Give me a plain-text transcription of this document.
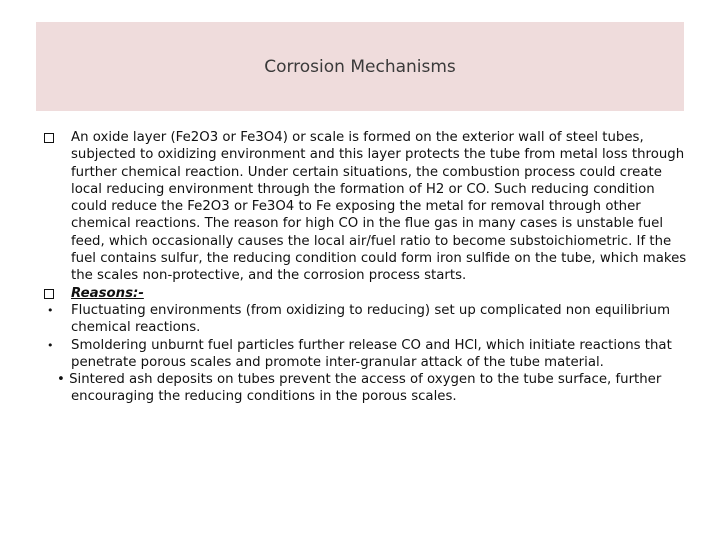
Corrosion Mechanisms
An oxide layer (Fe2O3 or Fe3O4) or scale is formed on the exterior wall of steel tubes, subjected to oxidizing environment and this layer protects the tube from metal loss through further chemical reaction. Under certain situations, the combustion process could create local reducing environment through the formation of H2 or CO. Such reducing condition could reduce the Fe2O3 or Fe3O4 to Fe exposing the metal for removal through other chemical reactions. The reason for high CO in the flue gas in many cases is unstable fuel feed, which occasionally causes the local air/fuel ratio to become substoichiometric. If the fuel contains sulfur, the reducing condition could form iron sulfide on the tube, which makes the scales non-protective, and the corrosion process starts.
Reasons:-
• Fluctuating environments (from oxidizing to reducing) set up complicated non equilibrium chemical reactions.
• Smoldering unburnt fuel particles further release CO and HCl, which initiate reactions that penetrate porous scales and promote inter-granular attack of the tube material.
• Sintered ash deposits on tubes prevent the access of oxygen to the tube surface, further encouraging the reducing conditions in the porous scales.
